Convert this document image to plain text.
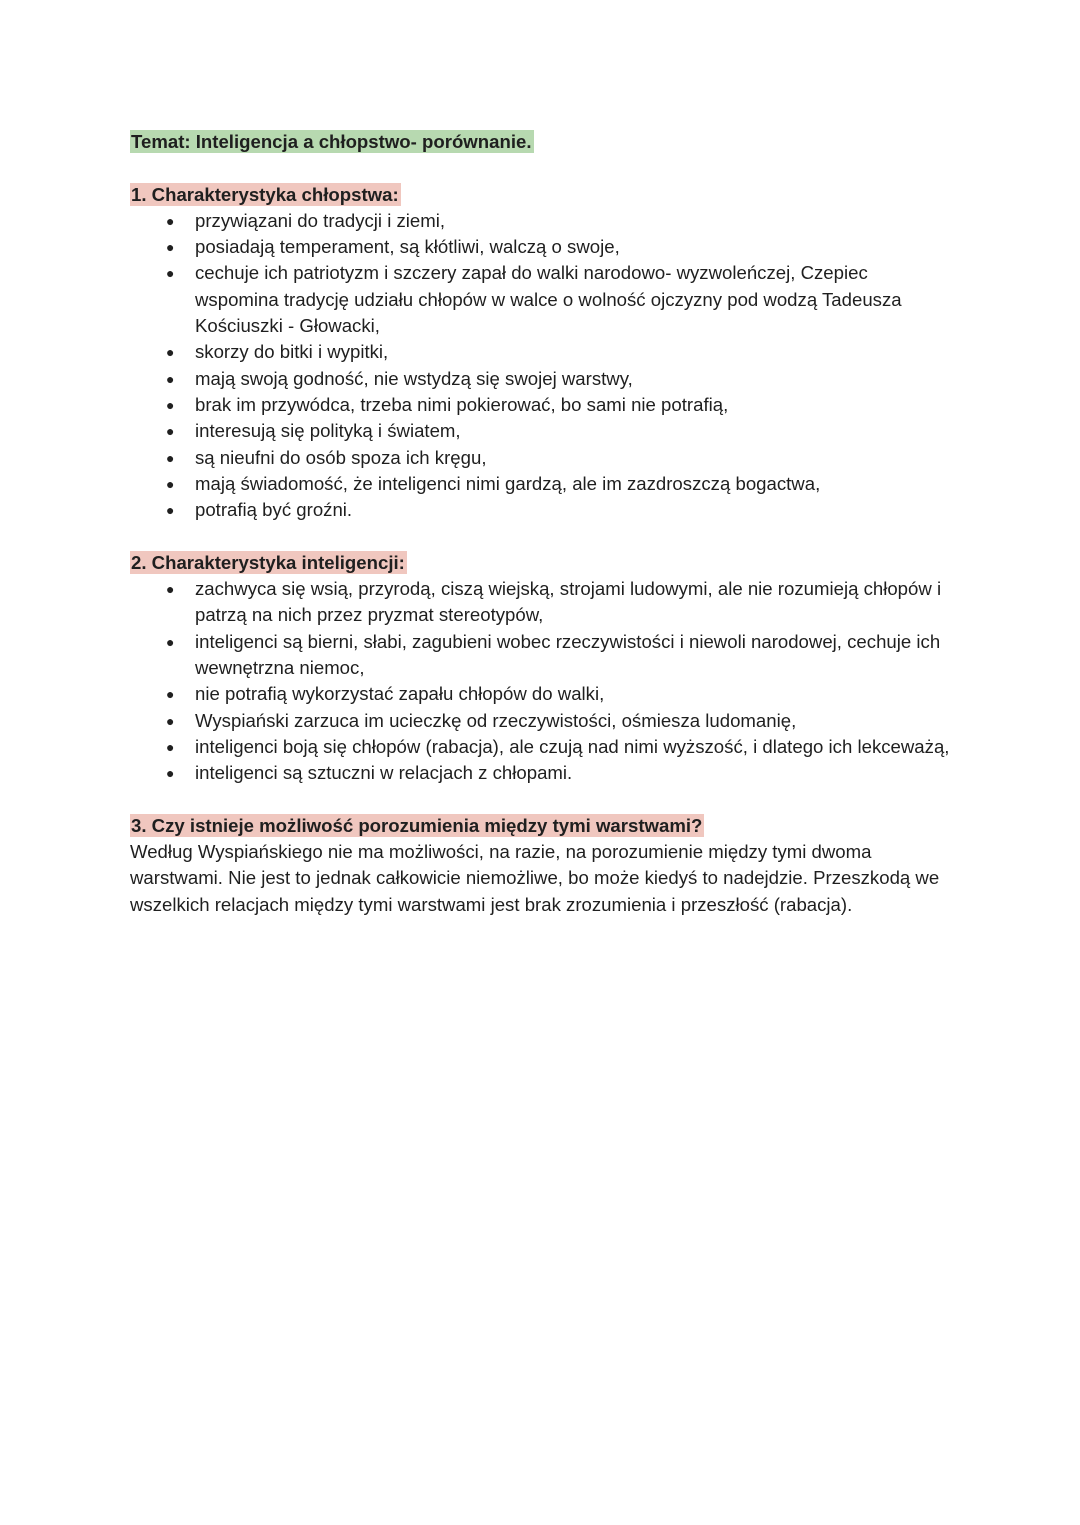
Temat: Inteligencja a chłopstwo- porównanie.
1. Charakterystyka chłopstwa:
● przywiązani do tradycji i ziemi,
● posiadają temperament, są kłótliwi, walczą o swoje,
● cechuje ich patriotyzm i szczery zapał do walki narodowo- wyzwoleńczej, Czepiec wspomina tradycję udziału chłopów w walce o wolność ojczyzny pod wodzą Tadeusza Kościuszki - Głowacki,
● skorzy do bitki i wypitki,
● mają swoją godność, nie wstydzą się swojej warstwy,
● brak im przywódca, trzeba nimi pokierować, bo sami nie potrafią,
● interesują się polityką i światem,
● są nieufni do osób spoza ich kręgu,
● mają świadomość, że inteligenci nimi gardzą, ale im zazdroszczą bogactwa,
● potrafią być groźni.
2. Charakterystyka inteligencji:
● zachwyca się wsią, przyrodą, ciszą wiejską, strojami ludowymi, ale nie rozumieją chłopów i patrzą na nich przez pryzmat stereotypów,
● inteligenci są bierni, słabi, zagubieni wobec rzeczywistości i niewoli narodowej, cechuje ich wewnętrzna niemoc,
● nie potrafią wykorzystać zapału chłopów do walki,
● Wyspiański zarzuca im ucieczkę od rzeczywistości, ośmiesza ludomanię,
● inteligenci boją się chłopów (rabacja), ale czują nad nimi wyższość, i dlatego ich lekceważą,
● inteligenci są sztuczni w relacjach z chłopami.
3. Czy istnieje możliwość porozumienia między tymi warstwami?

Według Wyspiańskiego nie ma możliwości, na razie, na porozumienie między tymi dwoma warstwami. Nie jest to jednak całkowicie niemożliwe, bo może kiedyś to nadejdzie. Przeszkodą we wszelkich relacjach między tymi warstwami jest brak zrozumienia i przeszłość (rabacja).
